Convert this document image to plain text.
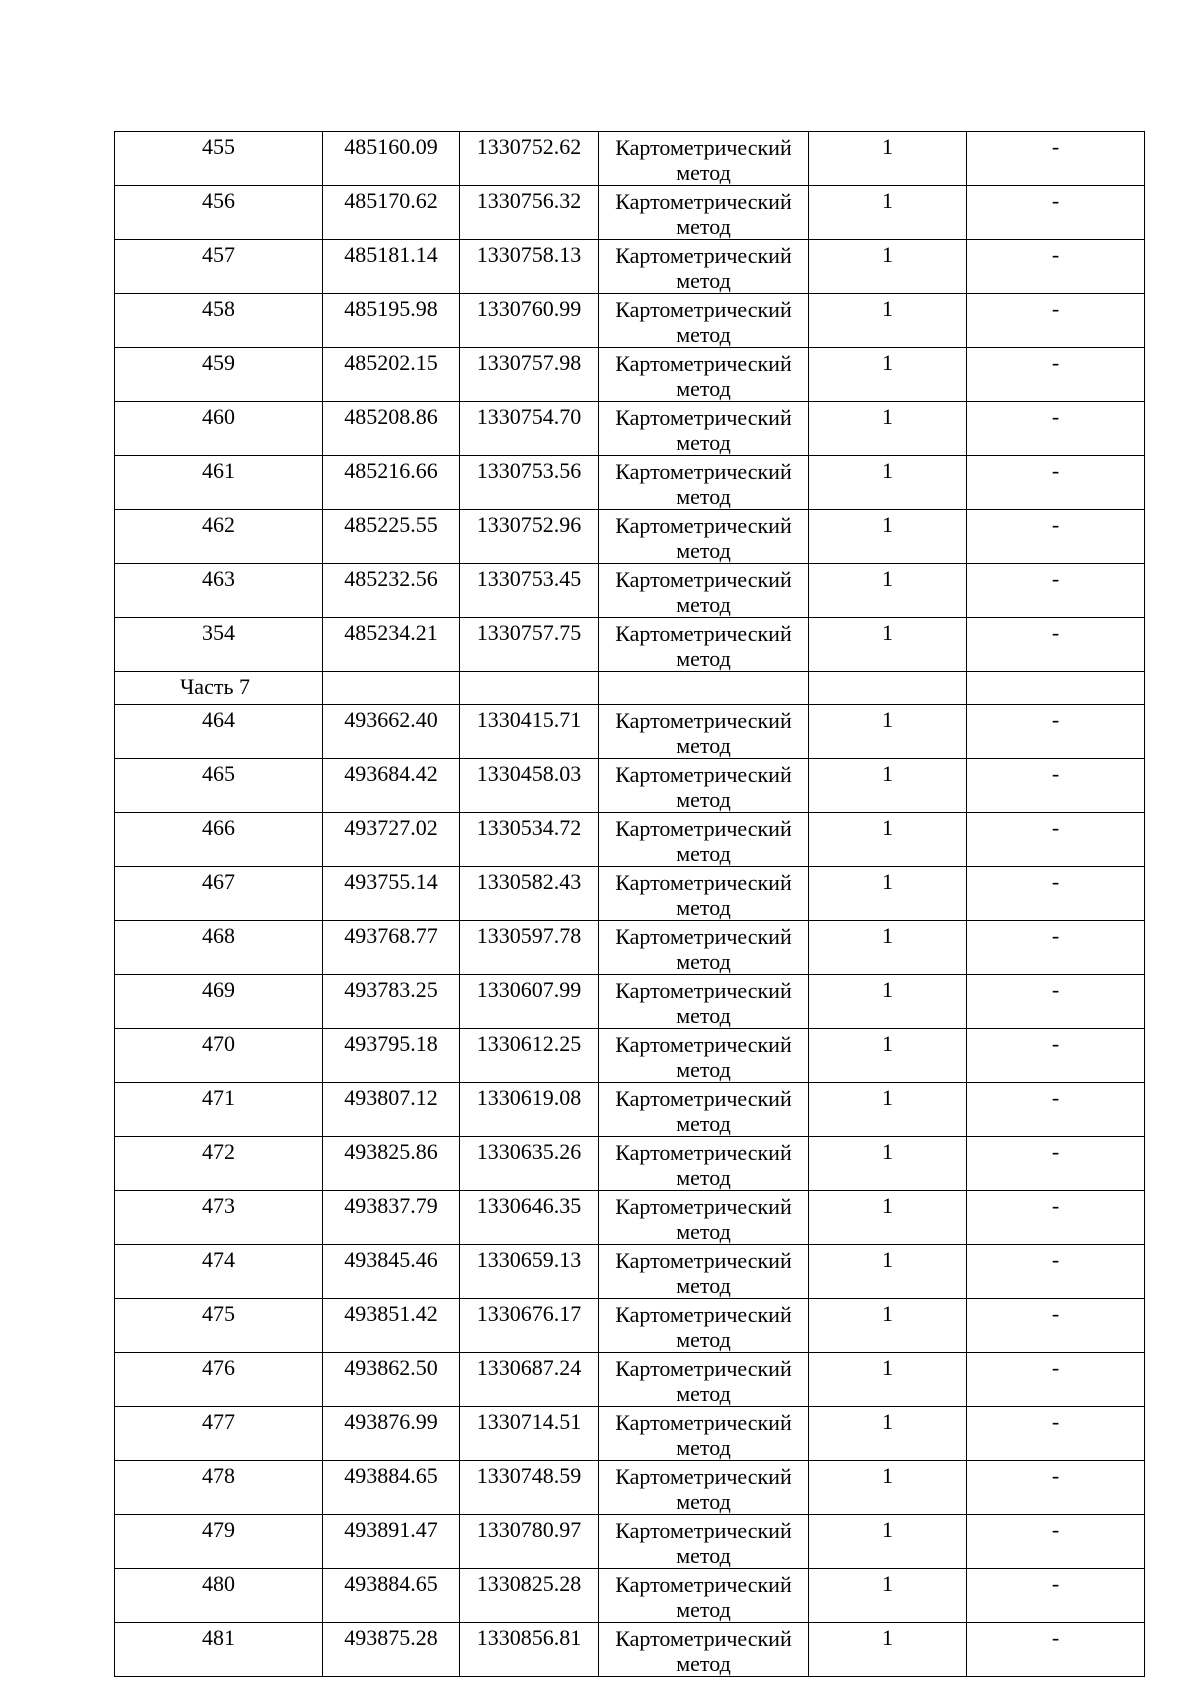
455	485160.09	1330752.62	Картометрический метод	1	-

456	485170.62	1330756.32	Картометрический метод	1	-

457	485181.14	1330758.13	Картометрический метод	1	-

458	485195.98	1330760.99	Картометрический метод	1	-

459	485202.15	1330757.98	Картометрический метод	1	-

460	485208.86	1330754.70	Картометрический метод	1	-

461	485216.66	1330753.56	Картометрический метод	1	-

462	485225.55	1330752.96	Картометрический метод	1	-

463	485232.56	1330753.45	Картометрический метод	1	-

354	485234.21	1330757.75	Картометрический метод	1	-

Часть 7					

464	493662.40	1330415.71	Картометрический метод	1	-

465	493684.42	1330458.03	Картометрический метод	1	-

466	493727.02	1330534.72	Картометрический метод	1	-

467	493755.14	1330582.43	Картометрический метод	1	-

468	493768.77	1330597.78	Картометрический метод	1	-

469	493783.25	1330607.99	Картометрический метод	1	-

470	493795.18	1330612.25	Картометрический метод	1	-

471	493807.12	1330619.08	Картометрический метод	1	-

472	493825.86	1330635.26	Картометрический метод	1	-

473	493837.79	1330646.35	Картометрический метод	1	-

474	493845.46	1330659.13	Картометрический метод	1	-

475	493851.42	1330676.17	Картометрический метод	1	-

476	493862.50	1330687.24	Картометрический метод	1	-

477	493876.99	1330714.51	Картометрический метод	1	-

478	493884.65	1330748.59	Картометрический метод	1	-

479	493891.47	1330780.97	Картометрический метод	1	-

480	493884.65	1330825.28	Картометрический метод	1	-

481	493875.28	1330856.81	Картометрический метод	1	-
